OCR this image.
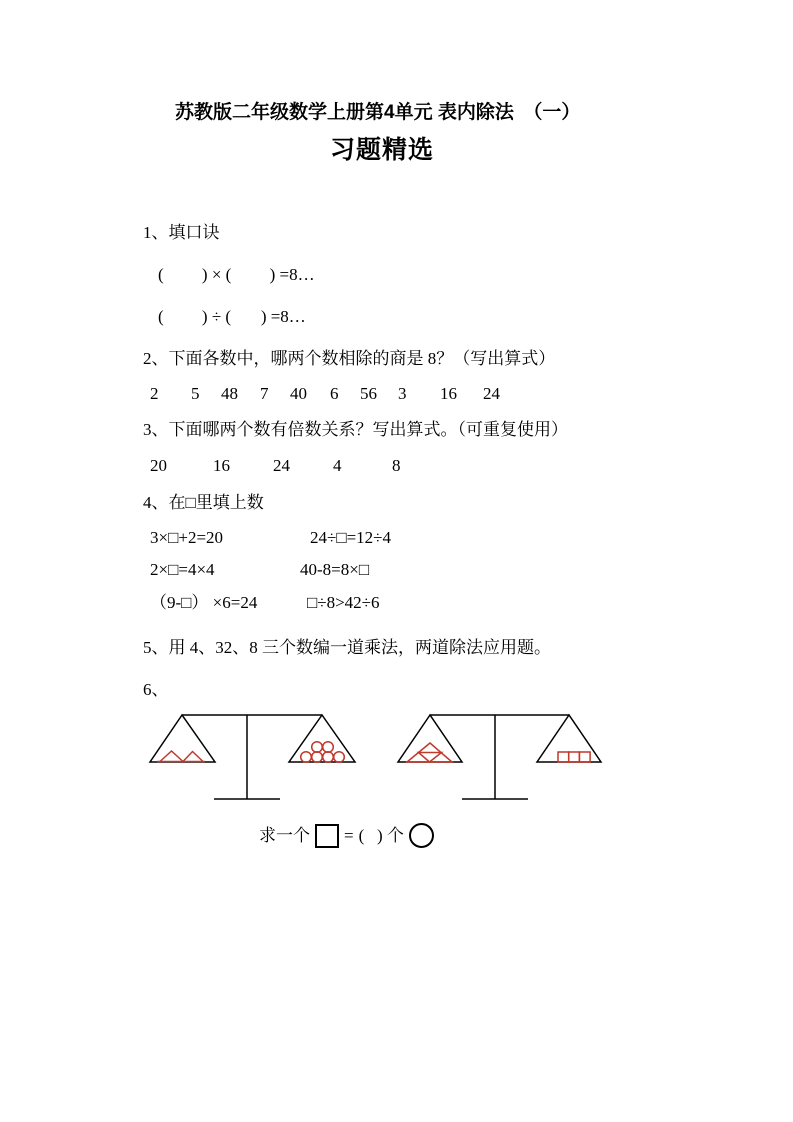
苏教版二年级数学上册第4单元 表内除法　（一）
习题精选
1、填口诀
(         ) × (         ) =8…
(         ) ÷ (       ) =8…
2、下面各数中，哪两个数相除的商是 8？（写出算式）
2 5 48 7 40 6 56 3 16 24
3、下面哪两个数有倍数关系？写出算式。（可重复使用）
20	16	24	4	8
4、在□里填上数
3×□+2=20	24÷□=12÷4
2×□=4×4	40-8=8×□
（9-□） ×6=24	□÷8>42÷6
5、用 4、32、8 三个数编一道乘法，两道除法应用题。
6、
求一个 = (   ) 个
